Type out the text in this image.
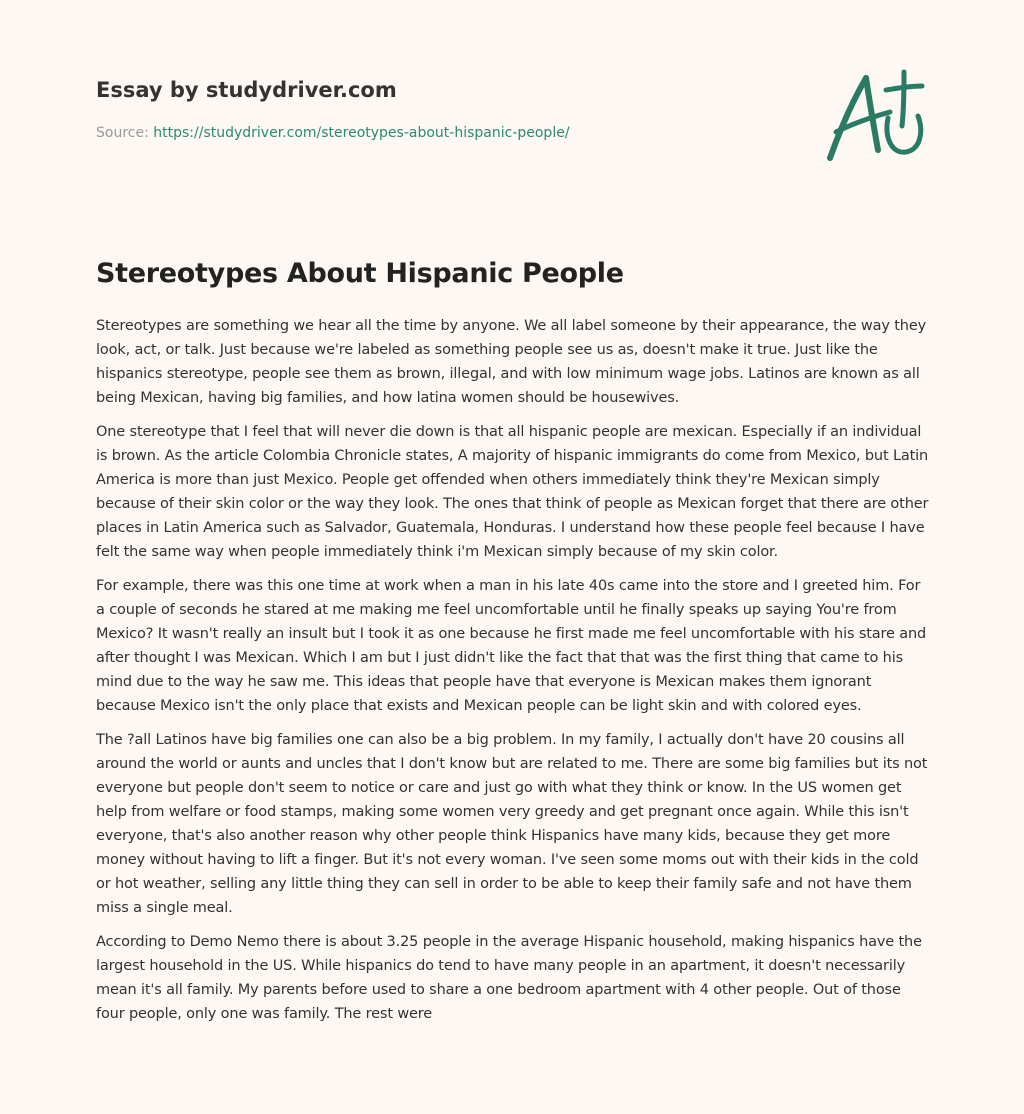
Essay by studydriver.com

Source: https://studydriver.com/stereotypes-about-hispanic-people/

Stereotypes About Hispanic People

Stereotypes are something we hear all the time by anyone. We all label someone by their appearance, the way they look, act, or talk. Just because we're labeled as something people see us as, doesn't make it true. Just like the hispanics stereotype, people see them as brown, illegal, and with low minimum wage jobs. Latinos are known as all being Mexican, having big families, and how latina women should be housewives.

One stereotype that I feel that will never die down is that all hispanic people are mexican. Especially if an individual is brown. As the article Colombia Chronicle states, A majority of hispanic immigrants do come from Mexico, but Latin America is more than just Mexico. People get offended when others immediately think they're Mexican simply because of their skin color or the way they look. The ones that think of people as Mexican forget that there are other places in Latin America such as Salvador, Guatemala, Honduras. I understand how these people feel because I have felt the same way when people immediately think i'm Mexican simply because of my skin color.

For example, there was this one time at work when a man in his late 40s came into the store and I greeted him. For a couple of seconds he stared at me making me feel uncomfortable until he finally speaks up saying You're from Mexico? It wasn't really an insult but I took it as one because he first made me feel uncomfortable with his stare and after thought I was Mexican. Which I am but I just didn't like the fact that that was the first thing that came to his mind due to the way he saw me. This ideas that people have that everyone is Mexican makes them ignorant because Mexico isn't the only place that exists and Mexican people can be light skin and with colored eyes.

The ?all Latinos have big families one can also be a big problem. In my family, I actually don't have 20 cousins all around the world or aunts and uncles that I don't know but are related to me. There are some big families but its not everyone but people don't seem to notice or care and just go with what they think or know. In the US women get help from welfare or food stamps, making some women very greedy and get pregnant once again. While this isn't everyone, that's also another reason why other people think Hispanics have many kids, because they get more money without having to lift a finger. But it's not every woman. I've seen some moms out with their kids in the cold or hot weather, selling any little thing they can sell in order to be able to keep their family safe and not have them miss a single meal.

According to Demo Nemo there is about 3.25 people in the average Hispanic household, making hispanics have the largest household in the US. While hispanics do tend to have many people in an apartment, it doesn't necessarily mean it's all family. My parents before used to share a one bedroom apartment with 4 other people. Out of those four people, only one was family. The rest were
